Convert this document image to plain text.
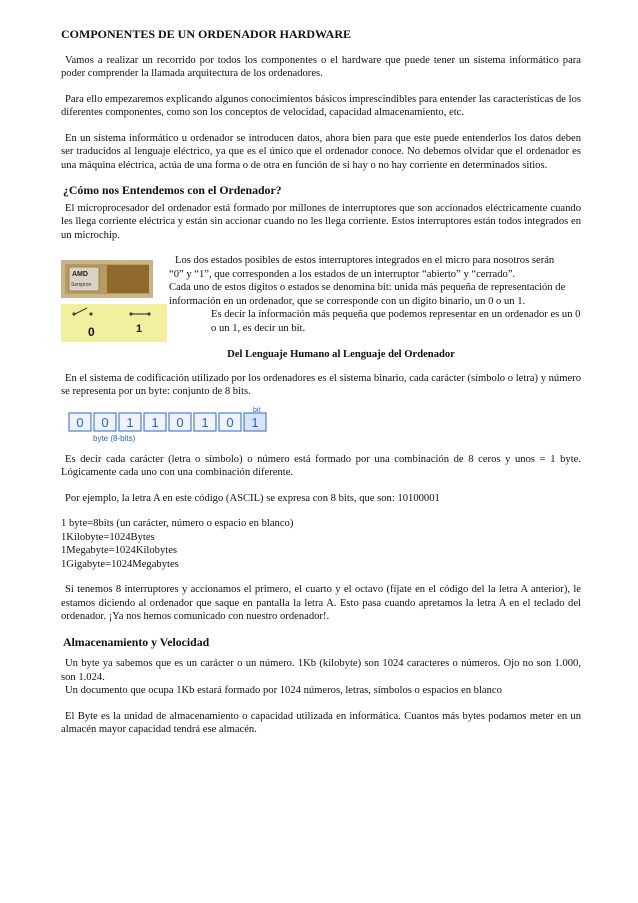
COMPONENTES DE UN ORDENADOR HARDWARE

Vamos a realizar un recorrido por todos los componentes o el hardware que puede tener un sistema informático para poder comprender la llamada arquitectura de los ordenadores.

Para ello empezaremos explicando algunos conocimientos básicos imprescindibles para entender las características de los diferentes componentes, como son los conceptos de velocidad, capacidad almacenamiento, etc.

En un sistema informático u ordenador se introducen datos, ahora bien para que este puede entenderlos los datos deben ser traducidos al lenguaje eléctrico, ya que es el único que el ordenador conoce. No debemos olvidar que el ordenador es una máquina eléctrica, actúa de una forma o de otra en función de si hay o no hay corriente en determinados sitios.

¿Cómo nos Entendemos con el Ordenador?

El microprocesador del ordenador está formado por millones de interruptores que son accionados eléctricamente cuando les llega corriente eléctrica y están sin accionar cuando no les llega corriente. Estos interruptores están todos integrados en un microchip.

AMD
Sempron
0	1
Los dos estados posibles de estos interruptores integrados en el micro para nosotros serán
“0” y “1”, que corresponden a los estados de un interruptor “abierto” y “cerrado”.
Cada uno de estos dígitos o estados se denomina bit: unida más pequeña de representación de información en un ordenador, que se corresponde con un dígito binario, un 0 o un 1.
Es decir la información más pequeña que podemos representar en un ordenador es un 0 o un 1, es decir un bit.
Del Lenguaje Humano al Lenguaje del Ordenador

En el sistema de codificación utilizado por los ordenadores es el sistema binario, cada carácter (símbolo o letra) y número se representa por un byte: conjunto de 8 bits.

0 0 1 1 0 1 0 1
bit
byte (8-bits)

Es decir cada carácter (letra o símbolo) o número está formado por una combinación de 8 ceros y unos = 1 byte. Lógicamente cada uno con una combinación diferente.

Por ejemplo, la letra A en este código (ASCIL) se expresa con 8 bits, que son: 10100001

1 byte=8bits (un carácter, número o espacio en blanco)
1Kilobyte=1024Bytes
1Megabyte=1024Kilobytes
1Gigabyte=1024Megabytes

Si tenemos 8 interruptores y accionamos el primero, el cuarto y el octavo (fíjate en el código del la letra A anterior), le estamos diciendo al ordenador que saque en pantalla la letra A. Esto pasa cuando apretamos la letra A en el teclado del ordenador. ¡Ya nos hemos comunicado con nuestro ordenador!.

Almacenamiento y Velocidad

Un byte ya sabemos que es un carácter o un número. 1Kb (kilobyte) son 1024 caracteres o números. Ojo no son 1.000, son 1.024.

Un documento que ocupa 1Kb estará formado por 1024 números, letras, símbolos o espacios en blanco

El Byte es la unidad de almacenamiento o capacidad utilizada en informática. Cuantos más bytes podamos meter en un almacén mayor capacidad tendrá ese almacén.
